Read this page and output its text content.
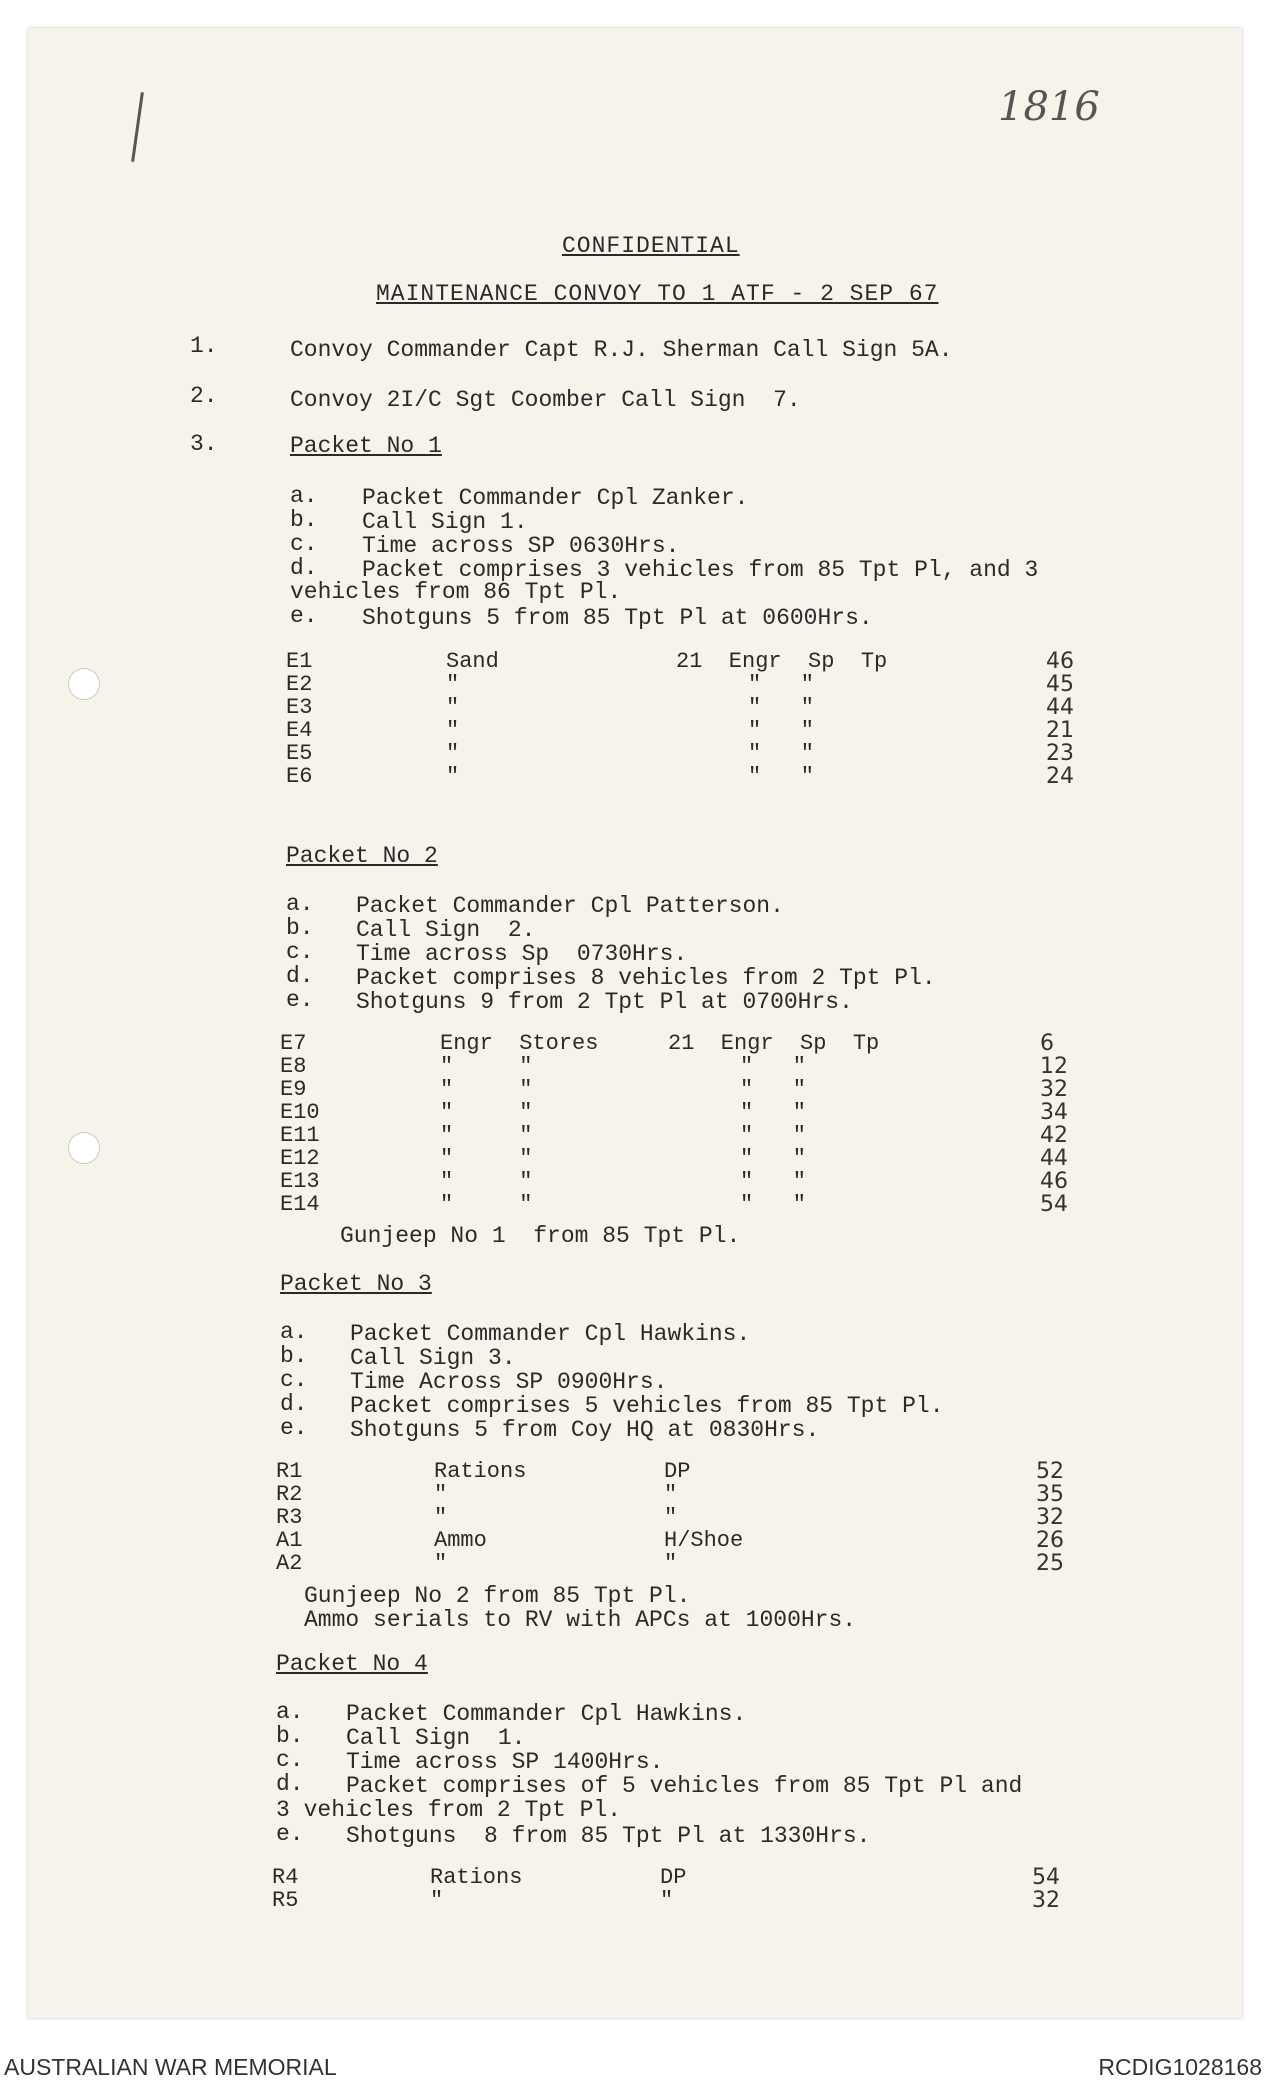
1816
CONFIDENTIAL
MAINTENANCE CONVOY TO 1 ATF - 2 SEP 67
1.	Convoy Commander Capt R.J. Sherman Call Sign 5A.
2.	Convoy 2I/C Sgt Coomber Call Sign  7.
3.	Packet No 1
a. Packet Commander Cpl Zanker.
b. Call Sign 1.
c. Time across SP 0630Hrs.
d. Packet comprises 3 vehicles from 85 Tpt Pl, and 3
vehicles from 86 Tpt Pl.
e. Shotguns 5 from 85 Tpt Pl at 0600Hrs.
E1	Sand	21  Engr  Sp  Tp	46
E2	"	"   "	45
E3	"	"   "	44
E4	"	"   "	21
E5	"	"   "	23
E6	"	"   "	24
Packet No 2
a. Packet Commander Cpl Patterson.
b. Call Sign  2.
c. Time across Sp  0730Hrs.
d. Packet comprises 8 vehicles from 2 Tpt Pl.
e. Shotguns 9 from 2 Tpt Pl at 0700Hrs.
E7	Engr  Stores	21  Engr  Sp  Tp	6
E8	"     "	"   "	12
E9	"     "	"   "	32
E10	"     "	"   "	34
E11	"     "	"   "	42
E12	"     "	"   "	44
E13	"     "	"   "	46
E14	"     "	"   "	54
Gunjeep No 1  from 85 Tpt Pl.
Packet No 3
a. Packet Commander Cpl Hawkins.
b. Call Sign 3.
c. Time Across SP 0900Hrs.
d. Packet comprises 5 vehicles from 85 Tpt Pl.
e. Shotguns 5 from Coy HQ at 0830Hrs.
R1	Rations	DP	52
R2	"	"	35
R3	"	"	32
A1	Ammo	H/Shoe	26
A2	"	"	25
Gunjeep No 2 from 85 Tpt Pl.
Ammo serials to RV with APCs at 1000Hrs.
Packet No 4
a. Packet Commander Cpl Hawkins.
b. Call Sign  1.
c. Time across SP 1400Hrs.
d. Packet comprises of 5 vehicles from 85 Tpt Pl and
3 vehicles from 2 Tpt Pl.
e. Shotguns  8 from 85 Tpt Pl at 1330Hrs.
R4	Rations	DP	54
R5	"	"	32
AUSTRALIAN WAR MEMORIAL	RCDIG1028168
